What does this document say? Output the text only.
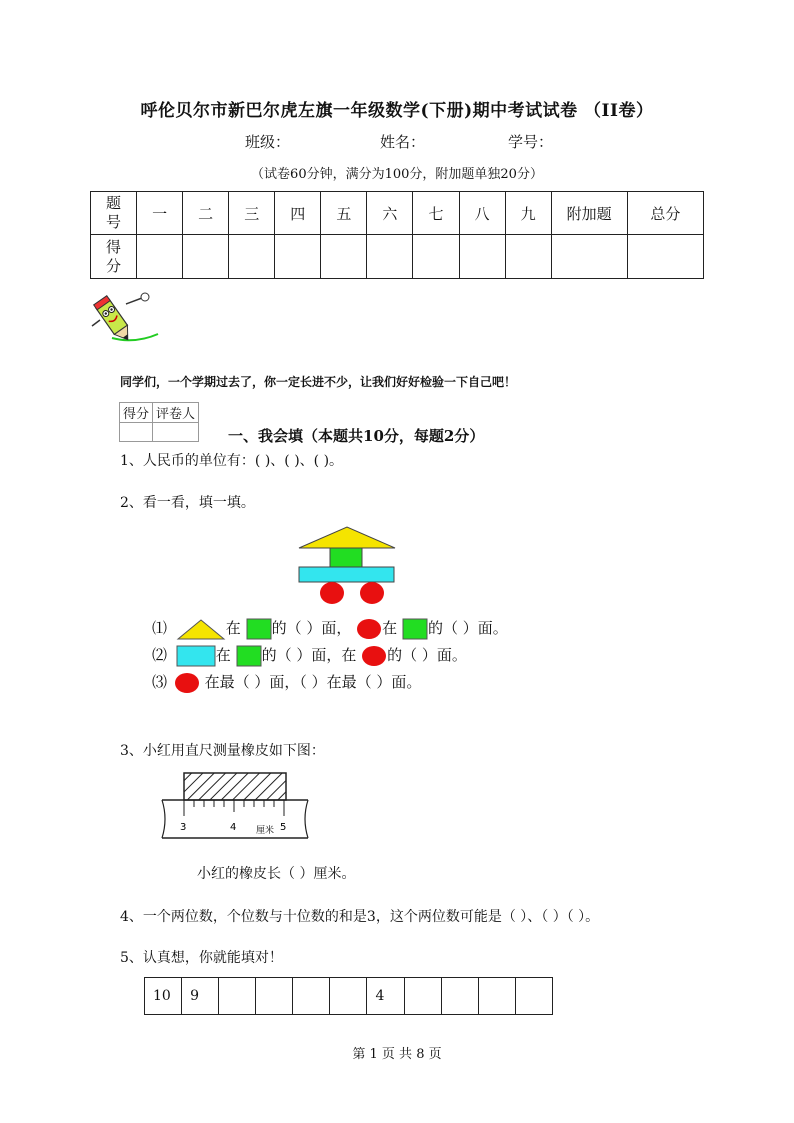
呼伦贝尔市新巴尔虎左旗一年级数学(下册)期中考试试卷 （II卷）
班级：	姓名：	学号：
（试卷60分钟，满分为100分，附加题单独20分）
题号	一	二	三	四	五	六	七	八	九	附加题	总分

得分											

同学们，一个学期过去了，你一定长进不少，让我们好好检验一下自己吧！
得分	评卷人

一、我会填（本题共10分，每题2分）
1、人民币的单位有：( )、( )、( )。
2、看一看，填一填。
⑴	在 的（ ）面， 在 的（ ）面。
⑵	在 的（ ）面，在 的（ ）面。
⑶  在最（ ）面，（ ）在最（ ）面。
3、小红用直尺测量橡皮如下图：
3	4	5
厘米
小红的橡皮长（ ）厘米。
4、一个两位数，个位数与十位数的和是3，这个两位数可能是（ ）、（ ）（ ）。
5、认真想，你就能填对！
10	9					4				
第 1 页 共 8 页
